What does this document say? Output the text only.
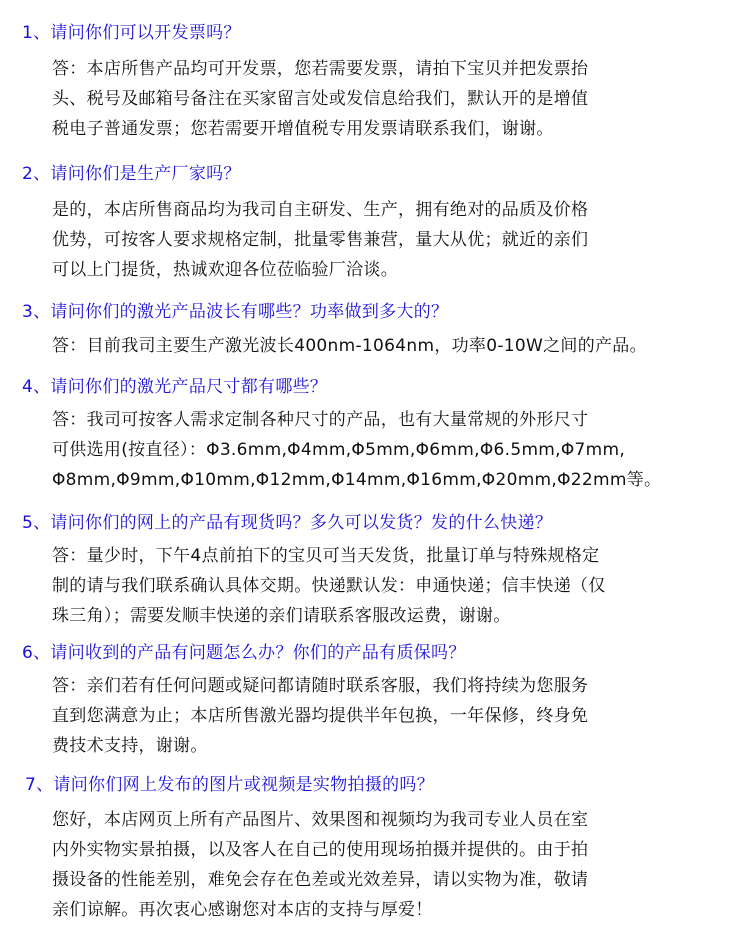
1、请问你们可以开发票吗？
答：本店所售产品均可开发票，您若需要发票，请拍下宝贝并把发票抬
头、税号及邮箱号备注在买家留言处或发信息给我们，默认开的是增值
税电子普通发票；您若需要开增值税专用发票请联系我们，谢谢。
2、请问你们是生产厂家吗？
是的，本店所售商品均为我司自主研发、生产，拥有绝对的品质及价格
优势，可按客人要求规格定制，批量零售兼营，量大从优；就近的亲们
可以上门提货，热诚欢迎各位莅临验厂洽谈。
3、请问你们的激光产品波长有哪些？功率做到多大的？
答：目前我司主要生产激光波长400nm-1064nm，功率0-10W之间的产品。
4、请问你们的激光产品尺寸都有哪些？
答：我司可按客人需求定制各种尺寸的产品，也有大量常规的外形尺寸
可供选用(按直径）：Φ3.6mm,Φ4mm,Φ5mm,Φ6mm,Φ6.5mm,Φ7mm,
Φ8mm,Φ9mm,Φ10mm,Φ12mm,Φ14mm,Φ16mm,Φ20mm,Φ22mm等。
5、请问你们的网上的产品有现货吗？多久可以发货？发的什么快递？
答：量少时，下午4点前拍下的宝贝可当天发货，批量订单与特殊规格定
制的请与我们联系确认具体交期。快递默认发：申通快递；信丰快递（仅
珠三角）；需要发顺丰快递的亲们请联系客服改运费，谢谢。
6、请问收到的产品有问题怎么办？你们的产品有质保吗？
答：亲们若有任何问题或疑问都请随时联系客服，我们将持续为您服务
直到您满意为止；本店所售激光器均提供半年包换，一年保修，终身免
费技术支持，谢谢。
7、请问你们网上发布的图片或视频是实物拍摄的吗？
您好，本店网页上所有产品图片、效果图和视频均为我司专业人员在室
内外实物实景拍摄，以及客人在自己的使用现场拍摄并提供的。由于拍
摄设备的性能差别，难免会存在色差或光效差异，请以实物为准，敬请
亲们谅解。再次衷心感谢您对本店的支持与厚爱！
